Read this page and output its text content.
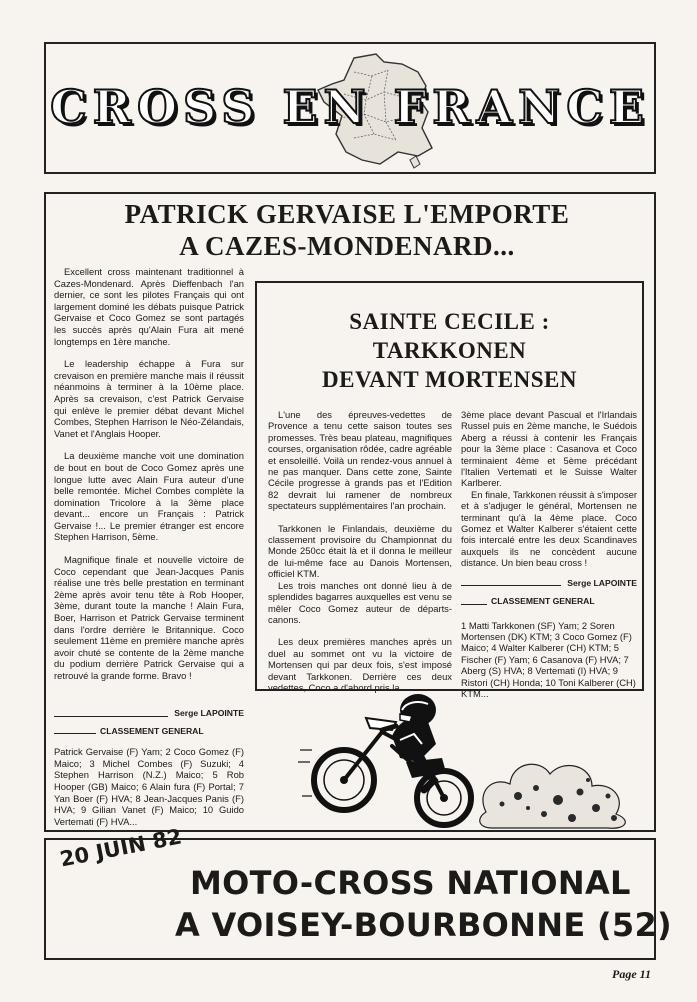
CROSS EN FRANCE
PATRICK GERVAISE L'EMPORTE
A CAZES-MONDENARD...

Excellent cross maintenant traditionnel à Cazes-Mondenard. Après Dieffenbach l'an dernier, ce sont les pilotes Français qui ont largement dominé les débats puisque Patrick Gervaise et Coco Gomez se sont partagés les succès après qu'Alain Fura ait mené longtemps en 1ère manche.

Le leadership échappe à Fura sur crevaison en première manche mais il réussit néanmoins à terminer à la 10ème place. Après sa crevaison, c'est Patrick Gervaise qui enlève le premier débat devant Michel Combes, Stephen Harrison le Néo-Zélandais, Vanet et l'Anglais Hooper.

La deuxième manche voit une domination de bout en bout de Coco Gomez après une longue lutte avec Alain Fura auteur d'une belle remontée. Michel Combes complète la domination Tricolore à la 3ème place devant... encore un Français : Patrick Gervaise !... Le premier étranger est encore Stephen Harrison, 5ème.

Magnifique finale et nouvelle victoire de Coco cependant que Jean-Jacques Panis réalise une très belle prestation en terminant 2ème après avoir tenu tête à Rob Hooper, 3ème, durant toute la manche ! Alain Fura, Boer, Harrison et Patrick Gervaise terminent dans l'ordre derrière le Britannique. Coco seulement 11ème en première manche après avoir chuté se contente de la 2ème manche du podium derrière Patrick Gervaise qui a retrouvé la grande forme. Bravo !

Serge LAPOINTE
CLASSEMENT GENERAL
Patrick Gervaise (F) Yam; 2 Coco Gomez (F) Maico; 3 Michel Combes (F) Suzuki; 4 Stephen Harrison (N.Z.) Maico; 5 Rob Hooper (GB) Maico; 6 Alain fura (F) Portal; 7 Yan Boer (F) HVA; 8 Jean-Jacques Panis (F) HVA; 9 Gilian Vanet (F) Maico; 10 Guido Vertemati (F) HVA...
SAINTE CECILE :
TARKKONEN
DEVANT MORTENSEN

L'une des épreuves-vedettes de Provence a tenu cette saison toutes ses promesses. Très beau plateau, magnifiques courses, organisation rôdée, cadre agréable et ensoleillé. Voilà un rendez-vous annuel à ne pas manquer. Dans cette zone, Sainte Cécile progresse à grands pas et l'Edition 82 devrait lui ramener de nombreux spectateurs supplémentaires l'an prochain.

Tarkkonen le Finlandais, deuxième du classement provisoire du Championnat du Monde 250cc était là et il donna le meilleur de lui-même face au Danois Mortensen, officiel KTM.

Les trois manches ont donné lieu à de splendides bagarres auxquelles est venu se mêler Coco Gomez auteur de départs-canons.

Les deux premières manches après un duel au sommet ont vu la victoire de Mortensen qui par deux fois, s'est imposé devant Tarkkonen. Derrière ces deux vedettes, Coco a d'abord pris la

3ème place devant Pascual et l'Irlandais Russel puis en 2ème manche, le Suédois Aberg a réussi à contenir les Français pour la 3ème place : Casanova et Coco terminaient 4ème et 5ème précédant l'Italien Vertemati et le Suisse Walter Karlberer.

En finale, Tarkkonen réussit à s'imposer et à s'adjuger le général, Mortensen ne terminant qu'à la 4ème place. Coco Gomez et Walter Kalberer s'étaient cette fois intercalé entre les deux Scandinaves auxquels ils ne concèdent aucune distance. Un bien beau cross !

Serge LAPOINTE
CLASSEMENT GENERAL
1 Matti Tarkkonen (SF) Yam; 2 Soren Mortensen (DK) KTM; 3 Coco Gomez (F) Maico; 4 Walter Kalberer (CH) KTM; 5 Fischer (F) Yam; 6 Casanova (F) HVA; 7 Aberg (S) HVA; 8 Vertemati (I) HVA; 9 Ristori (CH) Honda; 10 Toni Kalberer (CH) KTM...
20 JUIN 82
MOTO-CROSS NATIONAL
A VOISEY-BOURBONNE (52)
Page 11
